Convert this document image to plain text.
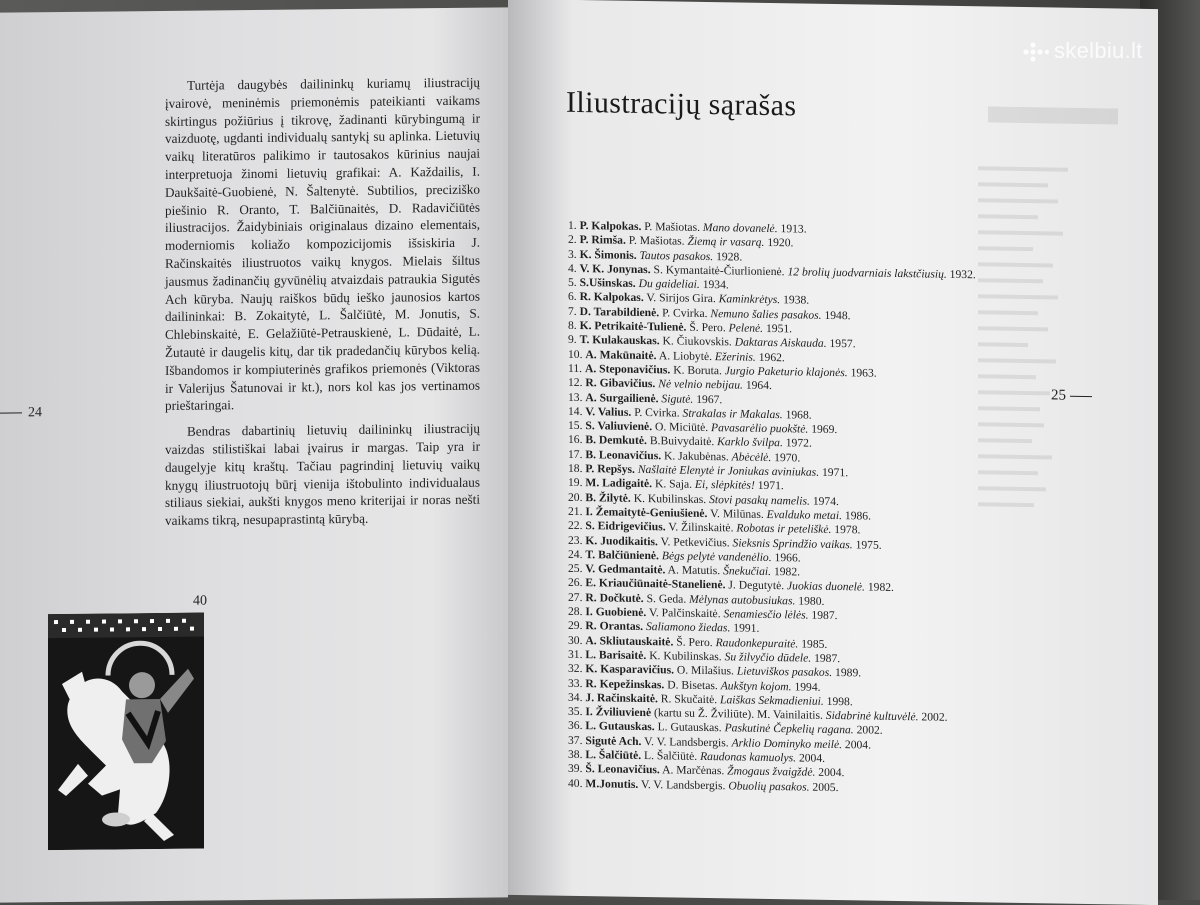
Turtėja daugybės dailininkų kuriamų iliustracijų įvairovė, meninėmis priemonėmis pateikianti vaikams skirtingus požiūrius į tikrovę, žadinanti kūrybingumą ir vaizduotę, ugdanti individualų santykį su aplinka. Lietuvių vaikų literatūros palikimo ir tautosakos kūrinius naujai interpretuoja žinomi lietuvių grafikai: A. Každailis, I. Daukšaitė-Guobienė, N. Šaltenytė. Subtilios, preciziško piešinio R. Oranto, T. Balčiūnaitės, D. Radavičiūtės iliustracijos. Žaidybiniais originalaus dizaino elementais, moderniomis koliažo kompozicijomis išsiskiria J. Račinskaitės iliustruotos vaikų knygos. Mielais šiltus jausmus žadinančių gyvūnėlių atvaizdais patraukia Sigutės Ach kūryba. Naujų raiškos būdų ieško jaunosios kartos dailininkai: B. Zokaitytė, L. Šalčiūtė, M. Jonutis, S. Chlebinskaitė, E. Gelažiūtė-Petrauskienė, L. Dūdaitė, L. Žutautė ir daugelis kitų, dar tik pradedančių kūrybos kelią. Išbandomos ir kompiuterinės grafikos priemonės (Viktoras ir Valerijus Šatunovai ir kt.), nors kol kas jos vertinamos prieštaringai.

Bendras dabartinių lietuvių dailininkų iliustracijų vaizdas stilistiškai labai įvairus ir margas. Taip yra ir daugelyje kitų kraštų. Tačiau pagrindinį lietuvių vaikų knygų iliustruotojų būrį vienija ištobulinto individualaus stiliaus siekiai, aukšti knygos meno kriterijai ir noras nešti vaikams tikrą, nesupaprastintą kūrybą.

24
40
Iliustracijų sąrašas
1. P. Kalpokas. P. Mašiotas. Mano dovanelė. 1913.
2. P. Rimša. P. Mašiotas. Žiemą ir vasarą. 1920.
3. K. Šimonis. Tautos pasakos. 1928.
4. V. K. Jonynas. S. Kymantaitė-Čiurlionienė. 12 brolių juodvarniais lakstčiusių. 1932.
5. S.Ušinskas. Du gaideliai. 1934.
6. R. Kalpokas. V. Sirijos Gira. Kaminkrėtys. 1938.
7. D. Tarabildienė. P. Cvirka. Nemuno šalies pasakos. 1948.
8. K. Petrikaitė-Tulienė. Š. Pero. Pelenė. 1951.
9. T. Kulakauskas. K. Čiukovskis. Daktaras Aiskauda. 1957.
10. A. Makūnaitė. A. Liobytė. Ežerinis. 1962.
11. A. Steponavičius. K. Boruta. Jurgio Paketurio klajonės. 1963.
12. R. Gibavičius. Nė velnio nebijau. 1964.
13. A. Surgailienė. Sigutė. 1967.
14. V. Valius. P. Cvirka. Strakalas ir Makalas. 1968.
15. S. Valiuvienė. O. Miciūtė. Pavasarėlio puokštė. 1969.
16. B. Demkutė. B.Buivydaitė. Karklo švilpa. 1972.
17. B. Leonavičius. K. Jakubėnas. Abėcėlė. 1970.
18. P. Repšys. Našlaitė Elenytė ir Joniukas aviniukas. 1971.
19. M. Ladigaitė. K. Saja. Ei, slėpkitės! 1971.
20. B. Žilytė. K. Kubilinskas. Stovi pasakų namelis. 1974.
21. I. Žemaitytė-Geniušienė. V. Milūnas. Evalduko metai. 1986.
22. S. Eidrigevičius. V. Žilinskaitė. Robotas ir peteliškė. 1978.
23. K. Juodikaitis. V. Petkevičius. Sieksnis Sprindžio vaikas. 1975.
24. T. Balčiūnienė. Bėgs pelytė vandenėlio. 1966.
25. V. Gedmantaitė. A. Matutis. Šnekučiai. 1982.
26. E. Kriaučiūnaitė-Stanelienė. J. Degutytė. Juokias duonelė. 1982.
27. R. Dočkutė. S. Geda. Mėlynas autobusiukas. 1980.
28. I. Guobienė. V. Palčinskaitė. Senamiesčio lėlės. 1987.
29. R. Orantas. Saliamono žiedas. 1991.
30. A. Skliutauskaitė. Š. Pero. Raudonkepuraitė. 1985.
31. L. Barisaitė. K. Kubilinskas. Su žilvyčio dūdele. 1987.
32. K. Kasparavičius. O. Milašius. Lietuviškos pasakos. 1989.
33. R. Kepežinskas. D. Bisetas. Aukštyn kojom. 1994.
34. J. Račinskaitė. R. Skučaitė. Laiškas Sekmadieniui. 1998.
35. I. Žviliuvienė (kartu su Ž. Žviliūte). M. Vainilaitis. Sidabrinė kultuvėlė. 2002.
36. L. Gutauskas. L. Gutauskas. Paskutinė Čepkelių ragana. 2002.
37. Sigutė Ach. V. V. Landsbergis. Arklio Dominyko meilė. 2004.
38. L. Šalčiūtė. L. Šalčiūtė. Raudonas kamuolys. 2004.
39. Š. Leonavičius. A. Marčėnas. Žmogaus žvaigždė. 2004.
40. M.Jonutis. V. V. Landsbergis. Obuolių pasakos. 2005.
25
skelbiu.lt
